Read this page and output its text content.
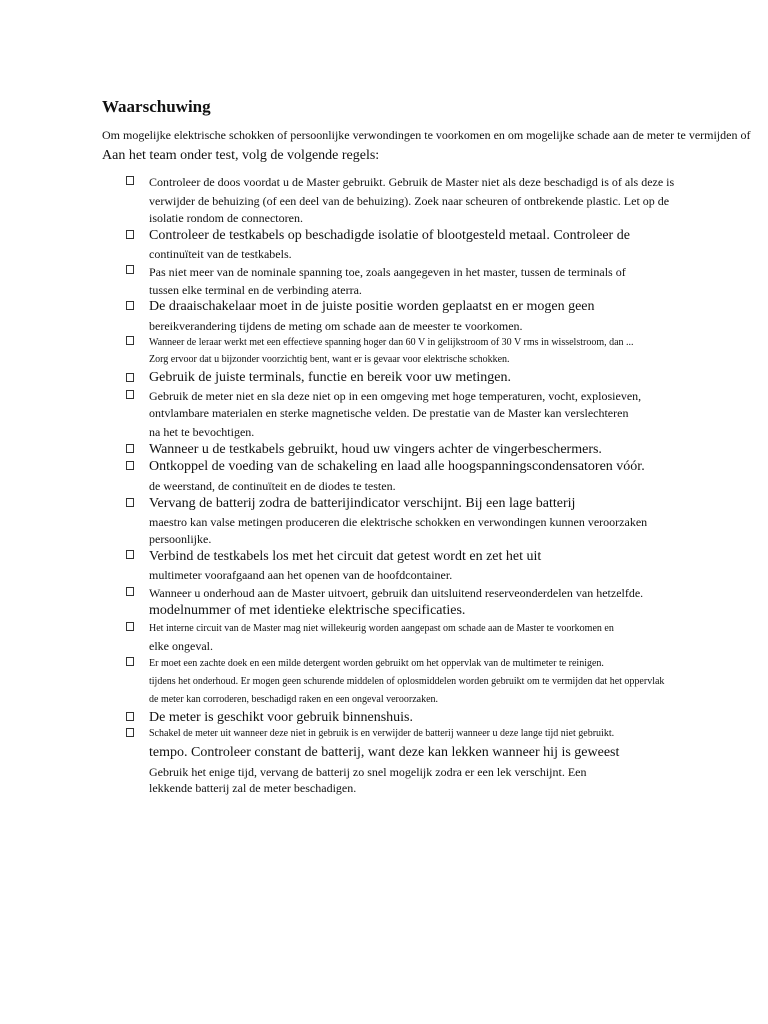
Waarschuwing
Om mogelijke elektrische schokken of persoonlijke verwondingen te voorkomen en om mogelijke schade aan de meter te vermijden of
Aan het team onder test, volg de volgende regels:
Controleer de doos voordat u de Master gebruikt. Gebruik de Master niet als deze beschadigd is of als deze is
verwijder de behuizing (of een deel van de behuizing). Zoek naar scheuren of ontbrekende plastic. Let op de
isolatie rondom de connectoren.
Controleer de testkabels op beschadigde isolatie of blootgesteld metaal. Controleer de
continuïteit van de testkabels.
Pas niet meer van de nominale spanning toe, zoals aangegeven in het master, tussen de terminals of
tussen elke terminal en de verbinding aterra.
De draaischakelaar moet in de juiste positie worden geplaatst en er mogen geen
bereikverandering tijdens de meting om schade aan de meester te voorkomen.
Wanneer de leraar werkt met een effectieve spanning hoger dan 60 V in gelijkstroom of 30 V rms in wisselstroom, dan ...
Zorg ervoor dat u bijzonder voorzichtig bent, want er is gevaar voor elektrische schokken.
Gebruik de juiste terminals, functie en bereik voor uw metingen.
Gebruik de meter niet en sla deze niet op in een omgeving met hoge temperaturen, vocht, explosieven,
ontvlambare materialen en sterke magnetische velden. De prestatie van de Master kan verslechteren
na het te bevochtigen.
Wanneer u de testkabels gebruikt, houd uw vingers achter de vingerbeschermers.
Ontkoppel de voeding van de schakeling en laad alle hoogspanningscondensatoren vóór.
de weerstand, de continuïteit en de diodes te testen.
Vervang de batterij zodra de batterijindicator verschijnt. Bij een lage batterij
maestro kan valse metingen produceren die elektrische schokken en verwondingen kunnen veroorzaken
persoonlijke.
Verbind de testkabels los met het circuit dat getest wordt en zet het uit
multimeter voorafgaand aan het openen van de hoofdcontainer.
Wanneer u onderhoud aan de Master uitvoert, gebruik dan uitsluitend reserveonderdelen van hetzelfde.
modelnummer of met identieke elektrische specificaties.
Het interne circuit van de Master mag niet willekeurig worden aangepast om schade aan de Master te voorkomen en
elke ongeval.
Er moet een zachte doek en een milde detergent worden gebruikt om het oppervlak van de multimeter te reinigen.
tijdens het onderhoud. Er mogen geen schurende middelen of oplosmiddelen worden gebruikt om te vermijden dat het oppervlak
de meter kan corroderen, beschadigd raken en een ongeval veroorzaken.
De meter is geschikt voor gebruik binnenshuis.
Schakel de meter uit wanneer deze niet in gebruik is en verwijder de batterij wanneer u deze lange tijd niet gebruikt.
tempo. Controleer constant de batterij, want deze kan lekken wanneer hij is geweest
Gebruik het enige tijd, vervang de batterij zo snel mogelijk zodra er een lek verschijnt. Een
lekkende batterij zal de meter beschadigen.
